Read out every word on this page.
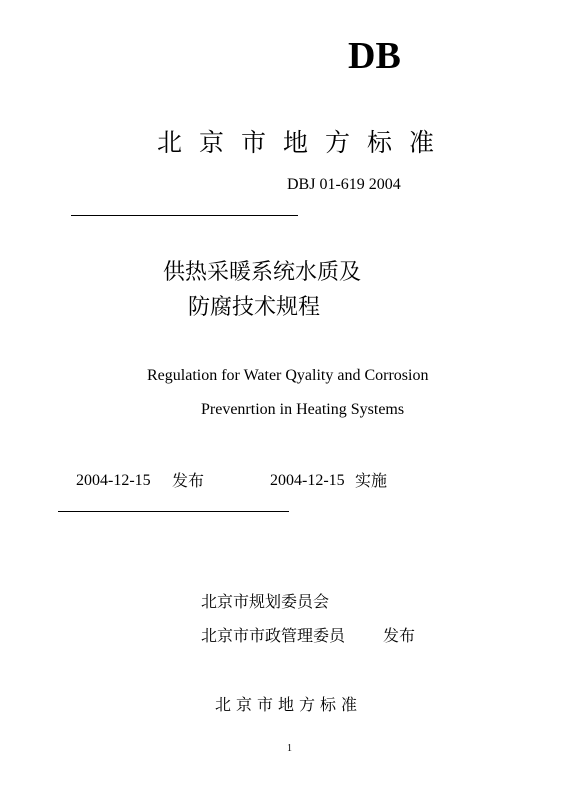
DB
北京市地方标准
DBJ 01-619 2004
供热采暖系统水质及
防腐技术规程
Regulation for Water Qyality and Corrosion
Prevenrtion in Heating Systems
2004-12-15 发布	2004-12-15 实施
北京市规划委员会
北京市市政管理委员 发布
北京市地方标准
1
